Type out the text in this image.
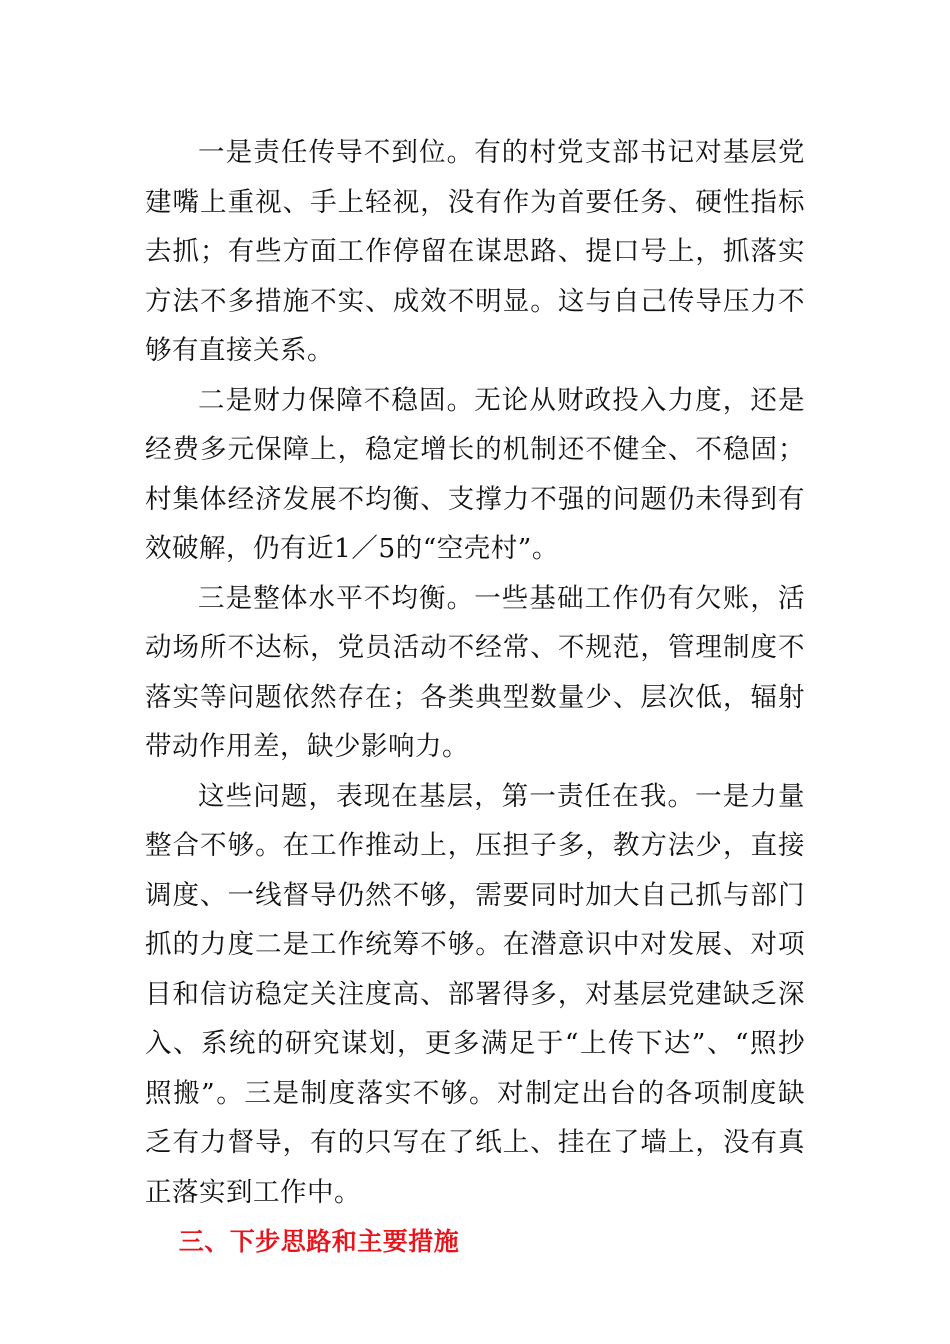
一是责任传导不到位。有的村党支部书记对基层党建嘴上重视、手上轻视，没有作为首要任务、硬性指标去抓；有些方面工作停留在谋思路、提口号上，抓落实方法不多措施不实、成效不明显。这与自己传导压力不够有直接关系。

二是财力保障不稳固。无论从财政投入力度，还是经费多元保障上，稳定增长的机制还不健全、不稳固；村集体经济发展不均衡、支撑力不强的问题仍未得到有效破解，仍有近1／5的“空壳村”。

三是整体水平不均衡。一些基础工作仍有欠账，活动场所不达标，党员活动不经常、不规范，管理制度不落实等问题依然存在；各类典型数量少、层次低，辐射带动作用差，缺少影响力。

这些问题，表现在基层，第一责任在我。一是力量整合不够。在工作推动上，压担子多，教方法少，直接调度、一线督导仍然不够，需要同时加大自己抓与部门抓的力度二是工作统筹不够。在潜意识中对发展、对项目和信访稳定关注度高、部署得多，对基层党建缺乏深入、系统的研究谋划，更多满足于“上传下达”、“照抄照搬”。三是制度落实不够。对制定出台的各项制度缺乏有力督导，有的只写在了纸上、挂在了墙上，没有真正落实到工作中。

三、下步思路和主要措施
